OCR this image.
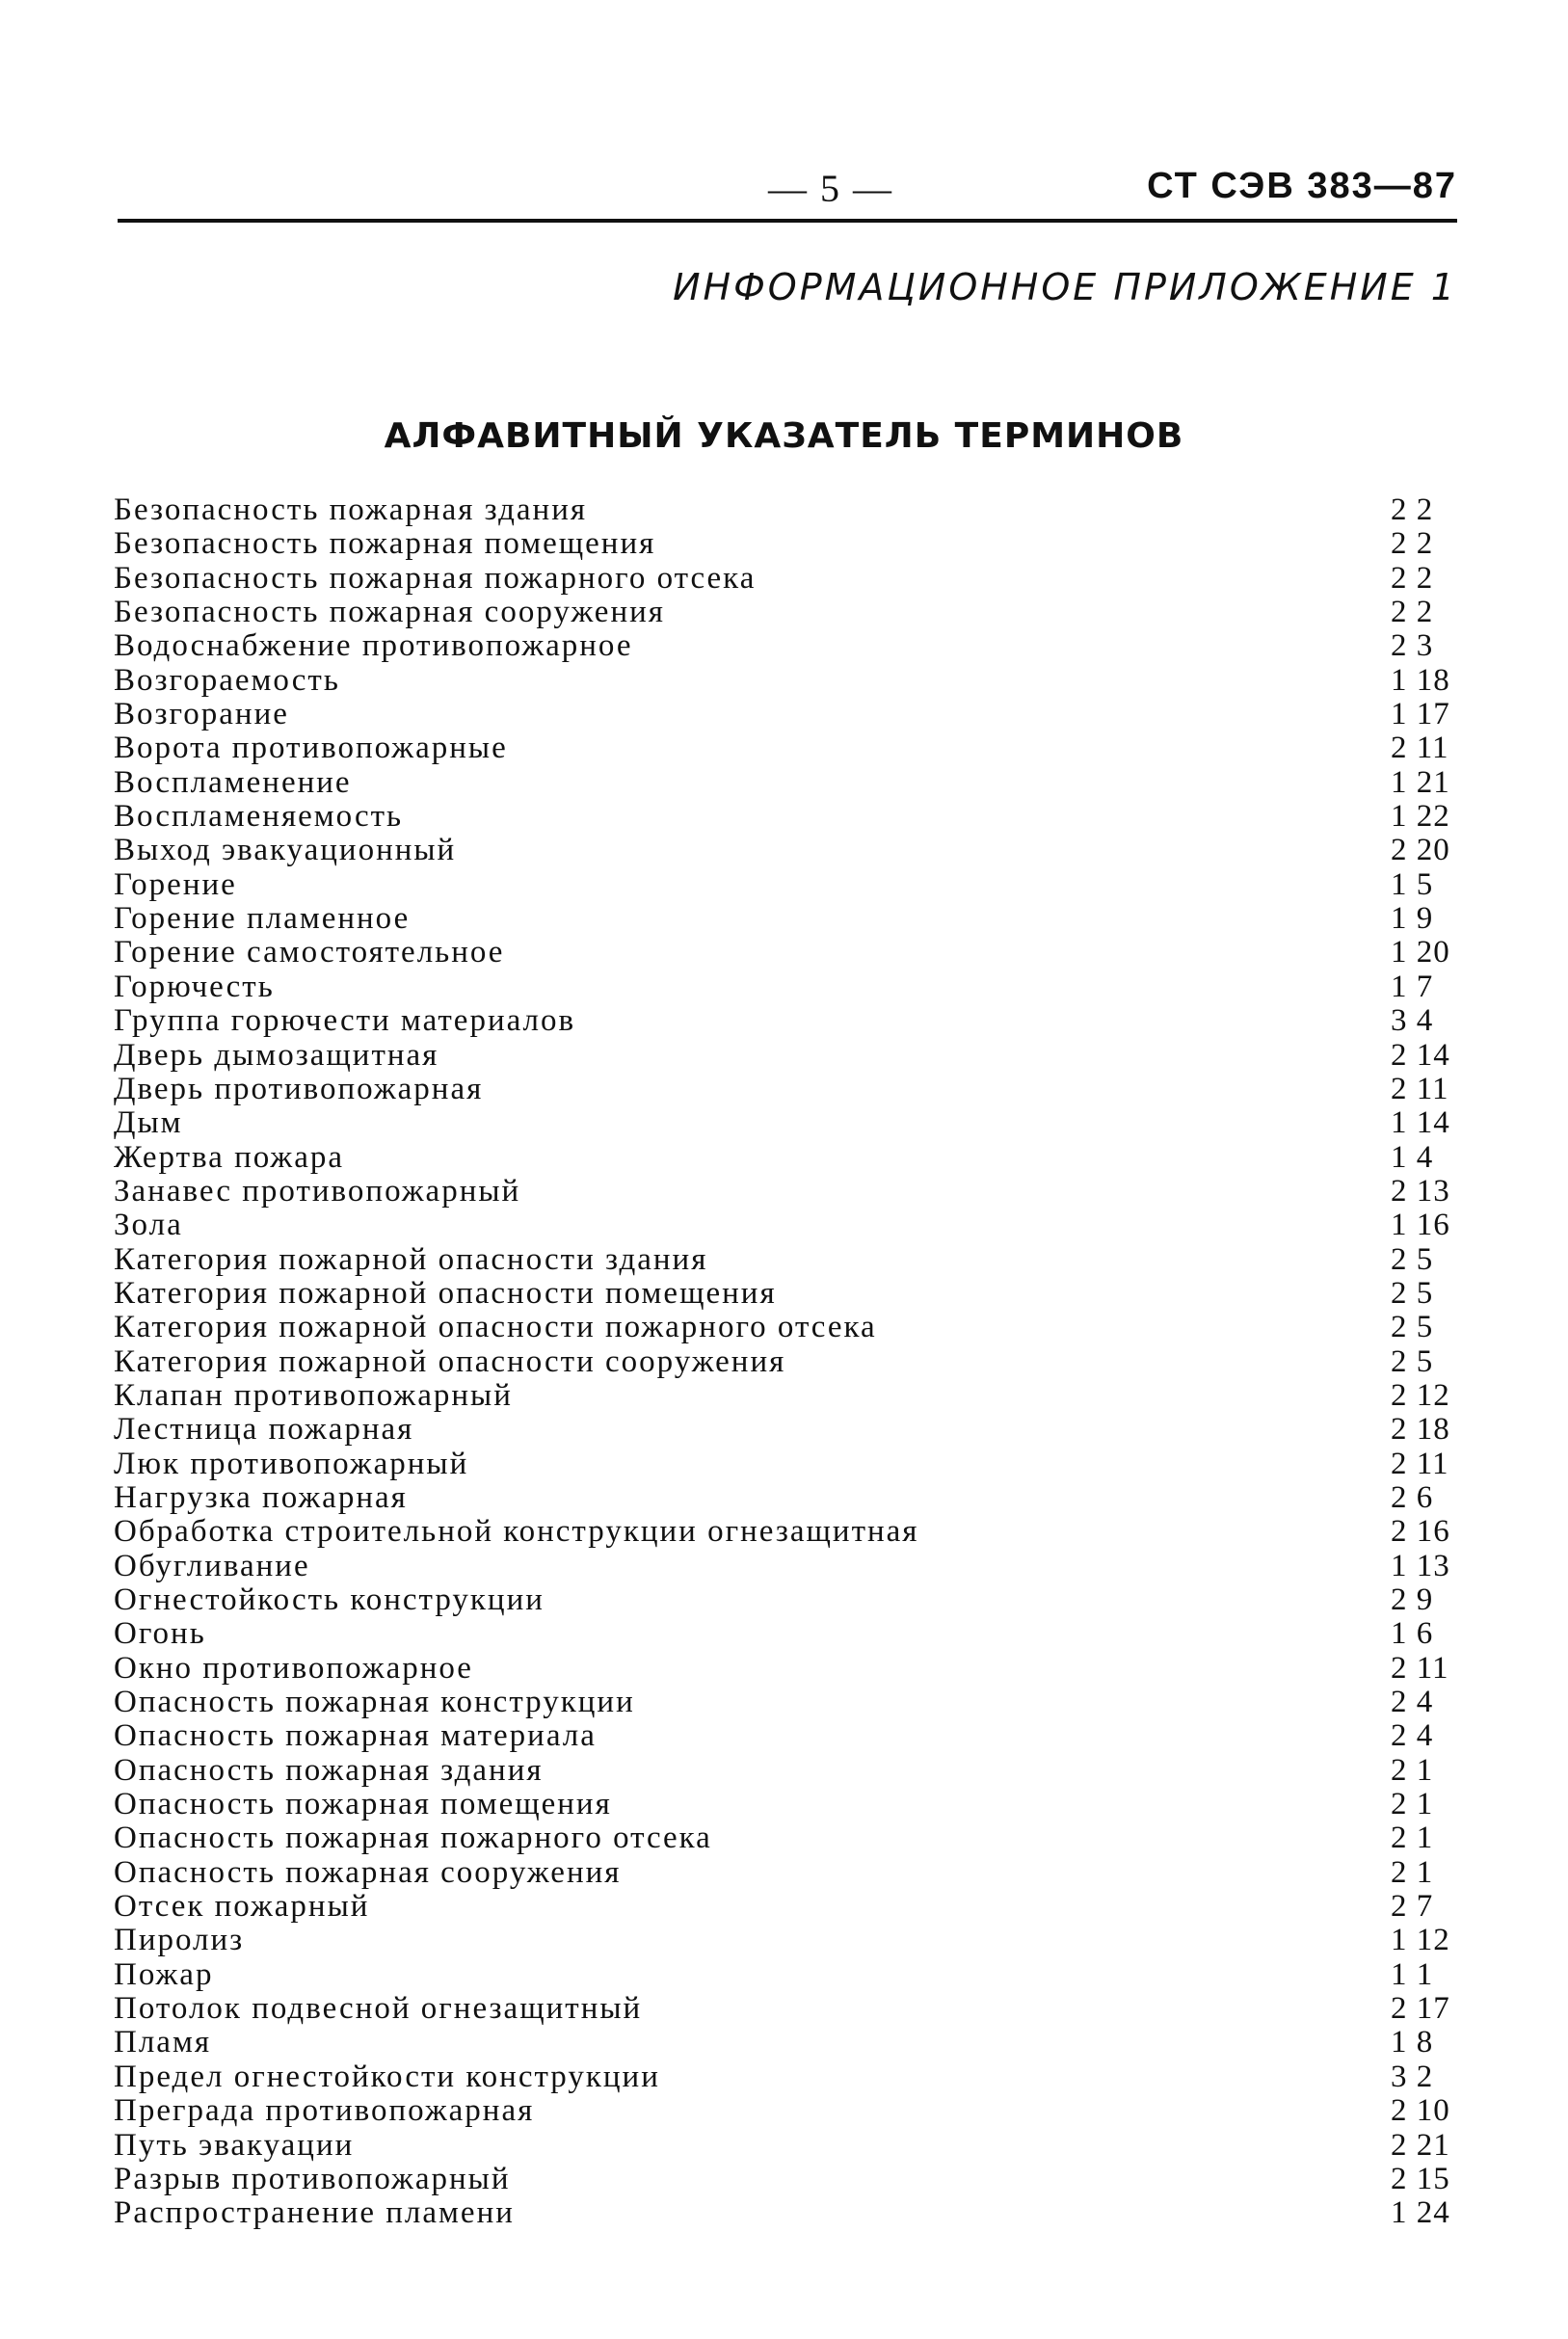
— 5 —	СТ СЭВ 383—87
ИНФОРМАЦИОННОЕ ПРИЛОЖЕНИЕ 1
АЛФАВИТНЫЙ УКАЗАТЕЛЬ ТЕРМИНОВ
Безопасность пожарная здания	2 2
Безопасность пожарная помещения	2 2
Безопасность пожарная пожарного отсека	2 2
Безопасность пожарная сооружения	2 2
Водоснабжение противопожарное	2 3
Возгораемость	1 18
Возгорание	1 17
Ворота противопожарные	2 11
Воспламенение	1 21
Воспламеняемость	1 22
Выход эвакуационный	2 20
Горение	1 5
Горение пламенное	1 9
Горение самостоятельное	1 20
Горючесть	1 7
Группа горючести материалов	3 4
Дверь дымозащитная	2 14
Дверь противопожарная	2 11
Дым	1 14
Жертва пожара	1 4
Занавес противопожарный	2 13
Зола	1 16
Категория пожарной опасности здания	2 5
Категория пожарной опасности помещения	2 5
Категория пожарной опасности пожарного отсека	2 5
Категория пожарной опасности сооружения	2 5
Клапан противопожарный	2 12
Лестница пожарная	2 18
Люк противопожарный	2 11
Нагрузка пожарная	2 6
Обработка строительной конструкции огнезащитная	2 16
Обугливание	1 13
Огнестойкость конструкции	2 9
Огонь	1 6
Окно противопожарное	2 11
Опасность пожарная конструкции	2 4
Опасность пожарная материала	2 4
Опасность пожарная здания	2 1
Опасность пожарная помещения	2 1
Опасность пожарная пожарного отсека	2 1
Опасность пожарная сооружения	2 1
Отсек пожарный	2 7
Пиролиз	1 12
Пожар	1 1
Потолок подвесной огнезащитный	2 17
Пламя	1 8
Предел огнестойкости конструкции	3 2
Преграда противопожарная	2 10
Путь эвакуации	2 21
Разрыв противопожарный	2 15
Распространение пламени	1 24
